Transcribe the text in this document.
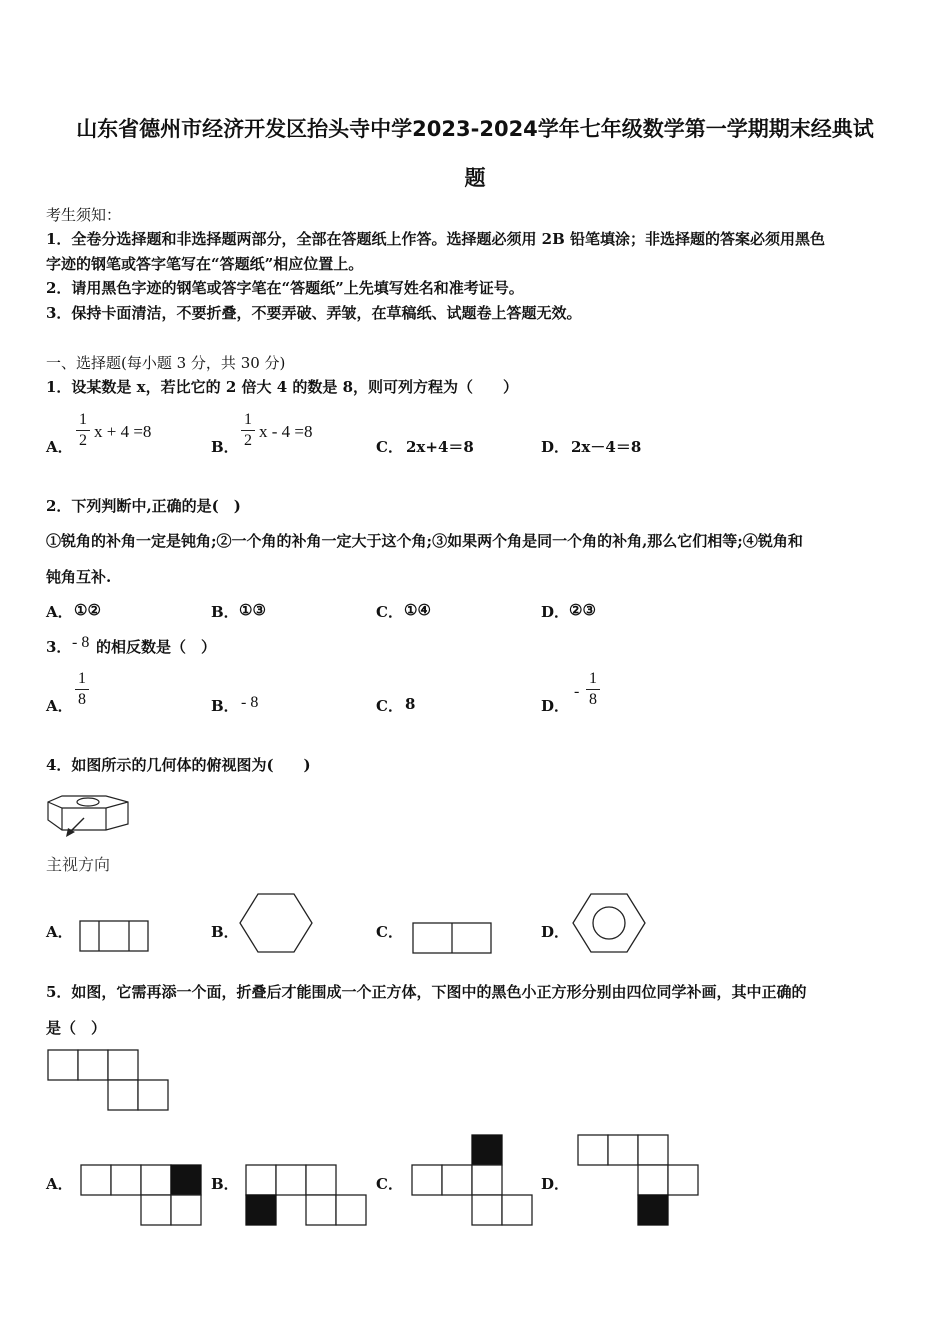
山东省德州市经济开发区抬头寺中学2023-2024学年七年级数学第一学期期末经典试
题
考生须知：
1．全卷分选择题和非选择题两部分，全部在答题纸上作答。选择题必须用 2B 铅笔填涂；非选择题的答案必须用黑色
字迹的钢笔或答字笔写在“答题纸”相应位置上。
2．请用黑色字迹的钢笔或答字笔在“答题纸”上先填写姓名和准考证号。
3．保持卡面清洁，不要折叠，不要弄破、弄皱，在草稿纸、试题卷上答题无效。
一、选择题(每小题 3 分，共 30 分)
1．设某数是 x，若比它的 2 倍大 4 的数是 8，则可列方程为（　　）
A．
1
2 x + 4 =8
B．
1
2 x - 4 =8
C． 2x+4＝8	D． 2x－4＝8
2．下列判断中,正确的是(　)
①锐角的补角一定是钝角;②一个角的补角一定大于这个角;③如果两个角是同一个角的补角,那么它们相等;④锐角和
钝角互补.
A． ①②	B． ①③	C． ①④	D． ②③
3． - 8 的相反数是（　）
A．
1
8	B． - 8	C． 8	D．
-
1
8
4．如图所示的几何体的俯视图为(　　)
主视方向
A．	B．	C．	D．
5．如图，它需再添一个面，折叠后才能围成一个正方体，下图中的黑色小正方形分别由四位同学补画，其中正确的
是（　）
A．	B．	C．	D．
